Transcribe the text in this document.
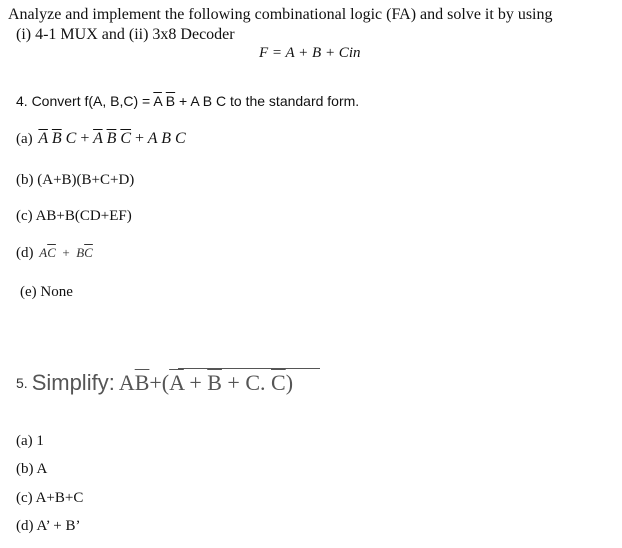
Analyze and implement the following combinational logic (FA) and solve it by using
(i) 4-1 MUX and (ii) 3x8 Decoder
F = A + B + Cin
4. Convert f(A, $B,C) = \overline{A}$ $\overline{B} + A$ B C to the standard form.
(a) $\overline{A}$ $\overline{B}$ $C + \overline{A}$ $\overline{B}$ $\overline{C} + A$ B C
(b) (A+B)(B+C+D)
(c) AB+B(CD+EF)
(d) $A\overline{C} + B\overline{C}$
(e) None
5. Simplify: $A\overline{B}+(\overline{A} + \overline{B} + C$. $\overline{C}$)
(a) 1
(b) A
(c) A+B+C
(d) A’ + B’
